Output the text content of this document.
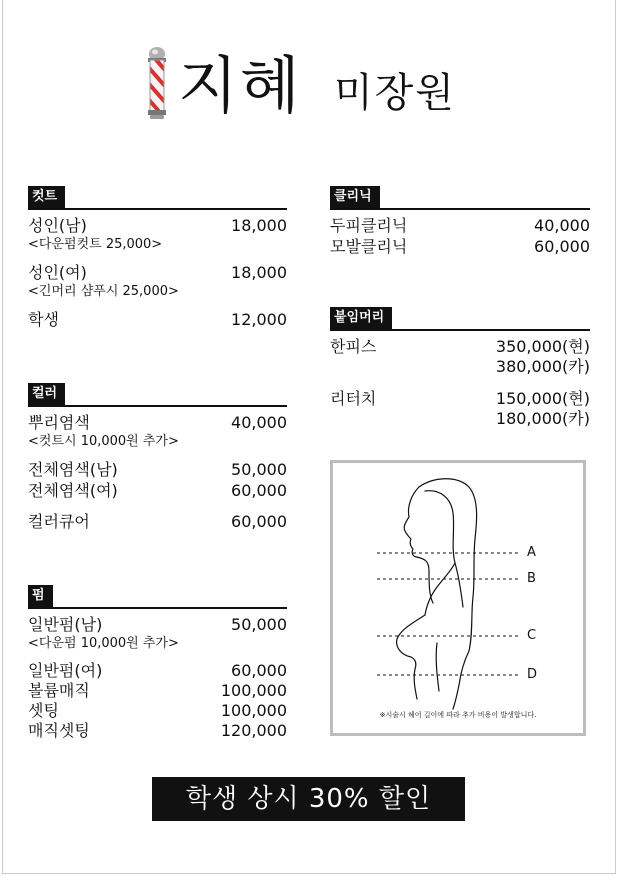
지혜 미장원
컷트
성인(남)	18,000
<다운펌컷트 25,000>
성인(여)	18,000
<긴머리 샴푸시 25,000>
학생	12,000
컬러
뿌리염색	40,000
<컷트시 10,000원 추가>
전체염색(남)	50,000
전체염색(여)	60,000
컬러큐어	60,000
펌
일반펌(남)	50,000
<다운펌 10,000원 추가>
일반펌(여)	60,000
볼륨매직	100,000
셋팅	100,000
매직셋팅	120,000
클리닉
두피클리닉	40,000
모발클리닉	60,000
붙임머리
한피스	350,000(현)
380,000(카)
리터치	150,000(현)
180,000(카)
A
B
C
D
※시술시 헤어 길이에 따라 추가 비용이 발생합니다.
학생 상시 30% 할인
